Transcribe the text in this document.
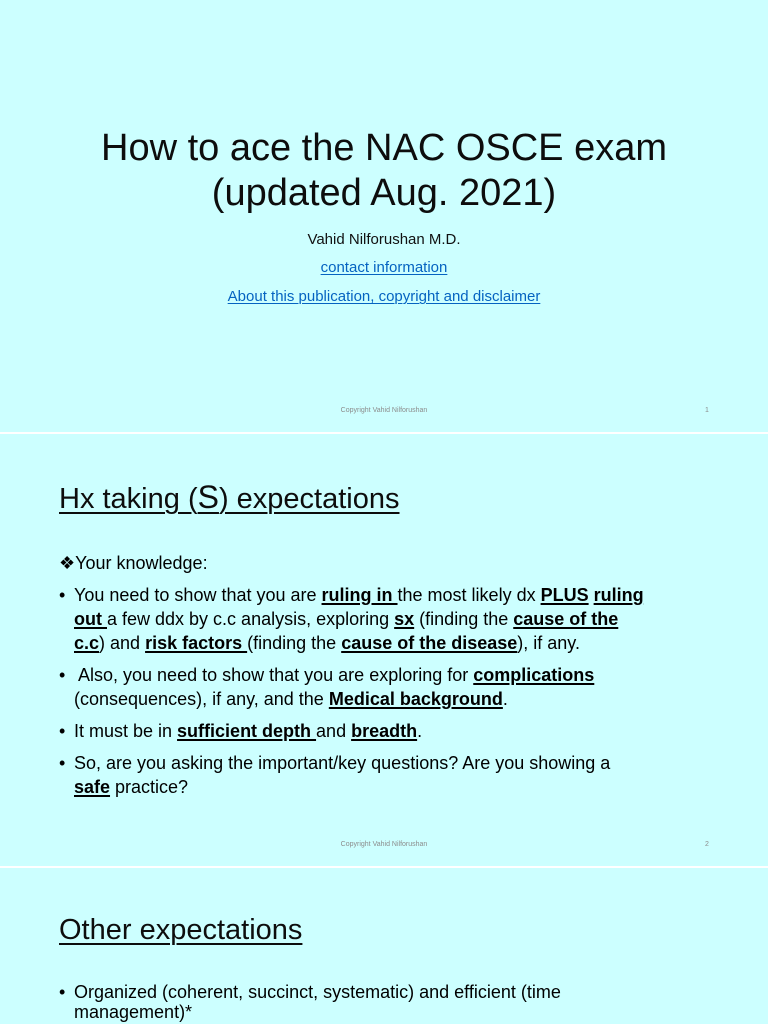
How to ace the NAC OSCE exam
(updated Aug. 2021)
Vahid Nilforushan M.D.
contact information
About this publication, copyright and disclaimer
Copyright Vahid Nilforushan	1
Hx taking (S) expectations
❖Your knowledge:
• You need to show that you are ruling in the most likely dx PLUS ruling
out a few ddx by c.c analysis, exploring sx (finding the cause of the
c.c) and risk factors (finding the cause of the disease), if any.
•  Also, you need to show that you are exploring for complications
(consequences), if any, and the Medical background.
• It must be in sufficient depth and breadth.
• So, are you asking the important/key questions? Are you showing a
safe practice?
Copyright Vahid Nilforushan	2
Other expectations
• Organized (coherent, succinct, systematic) and efficient (time
management)*
